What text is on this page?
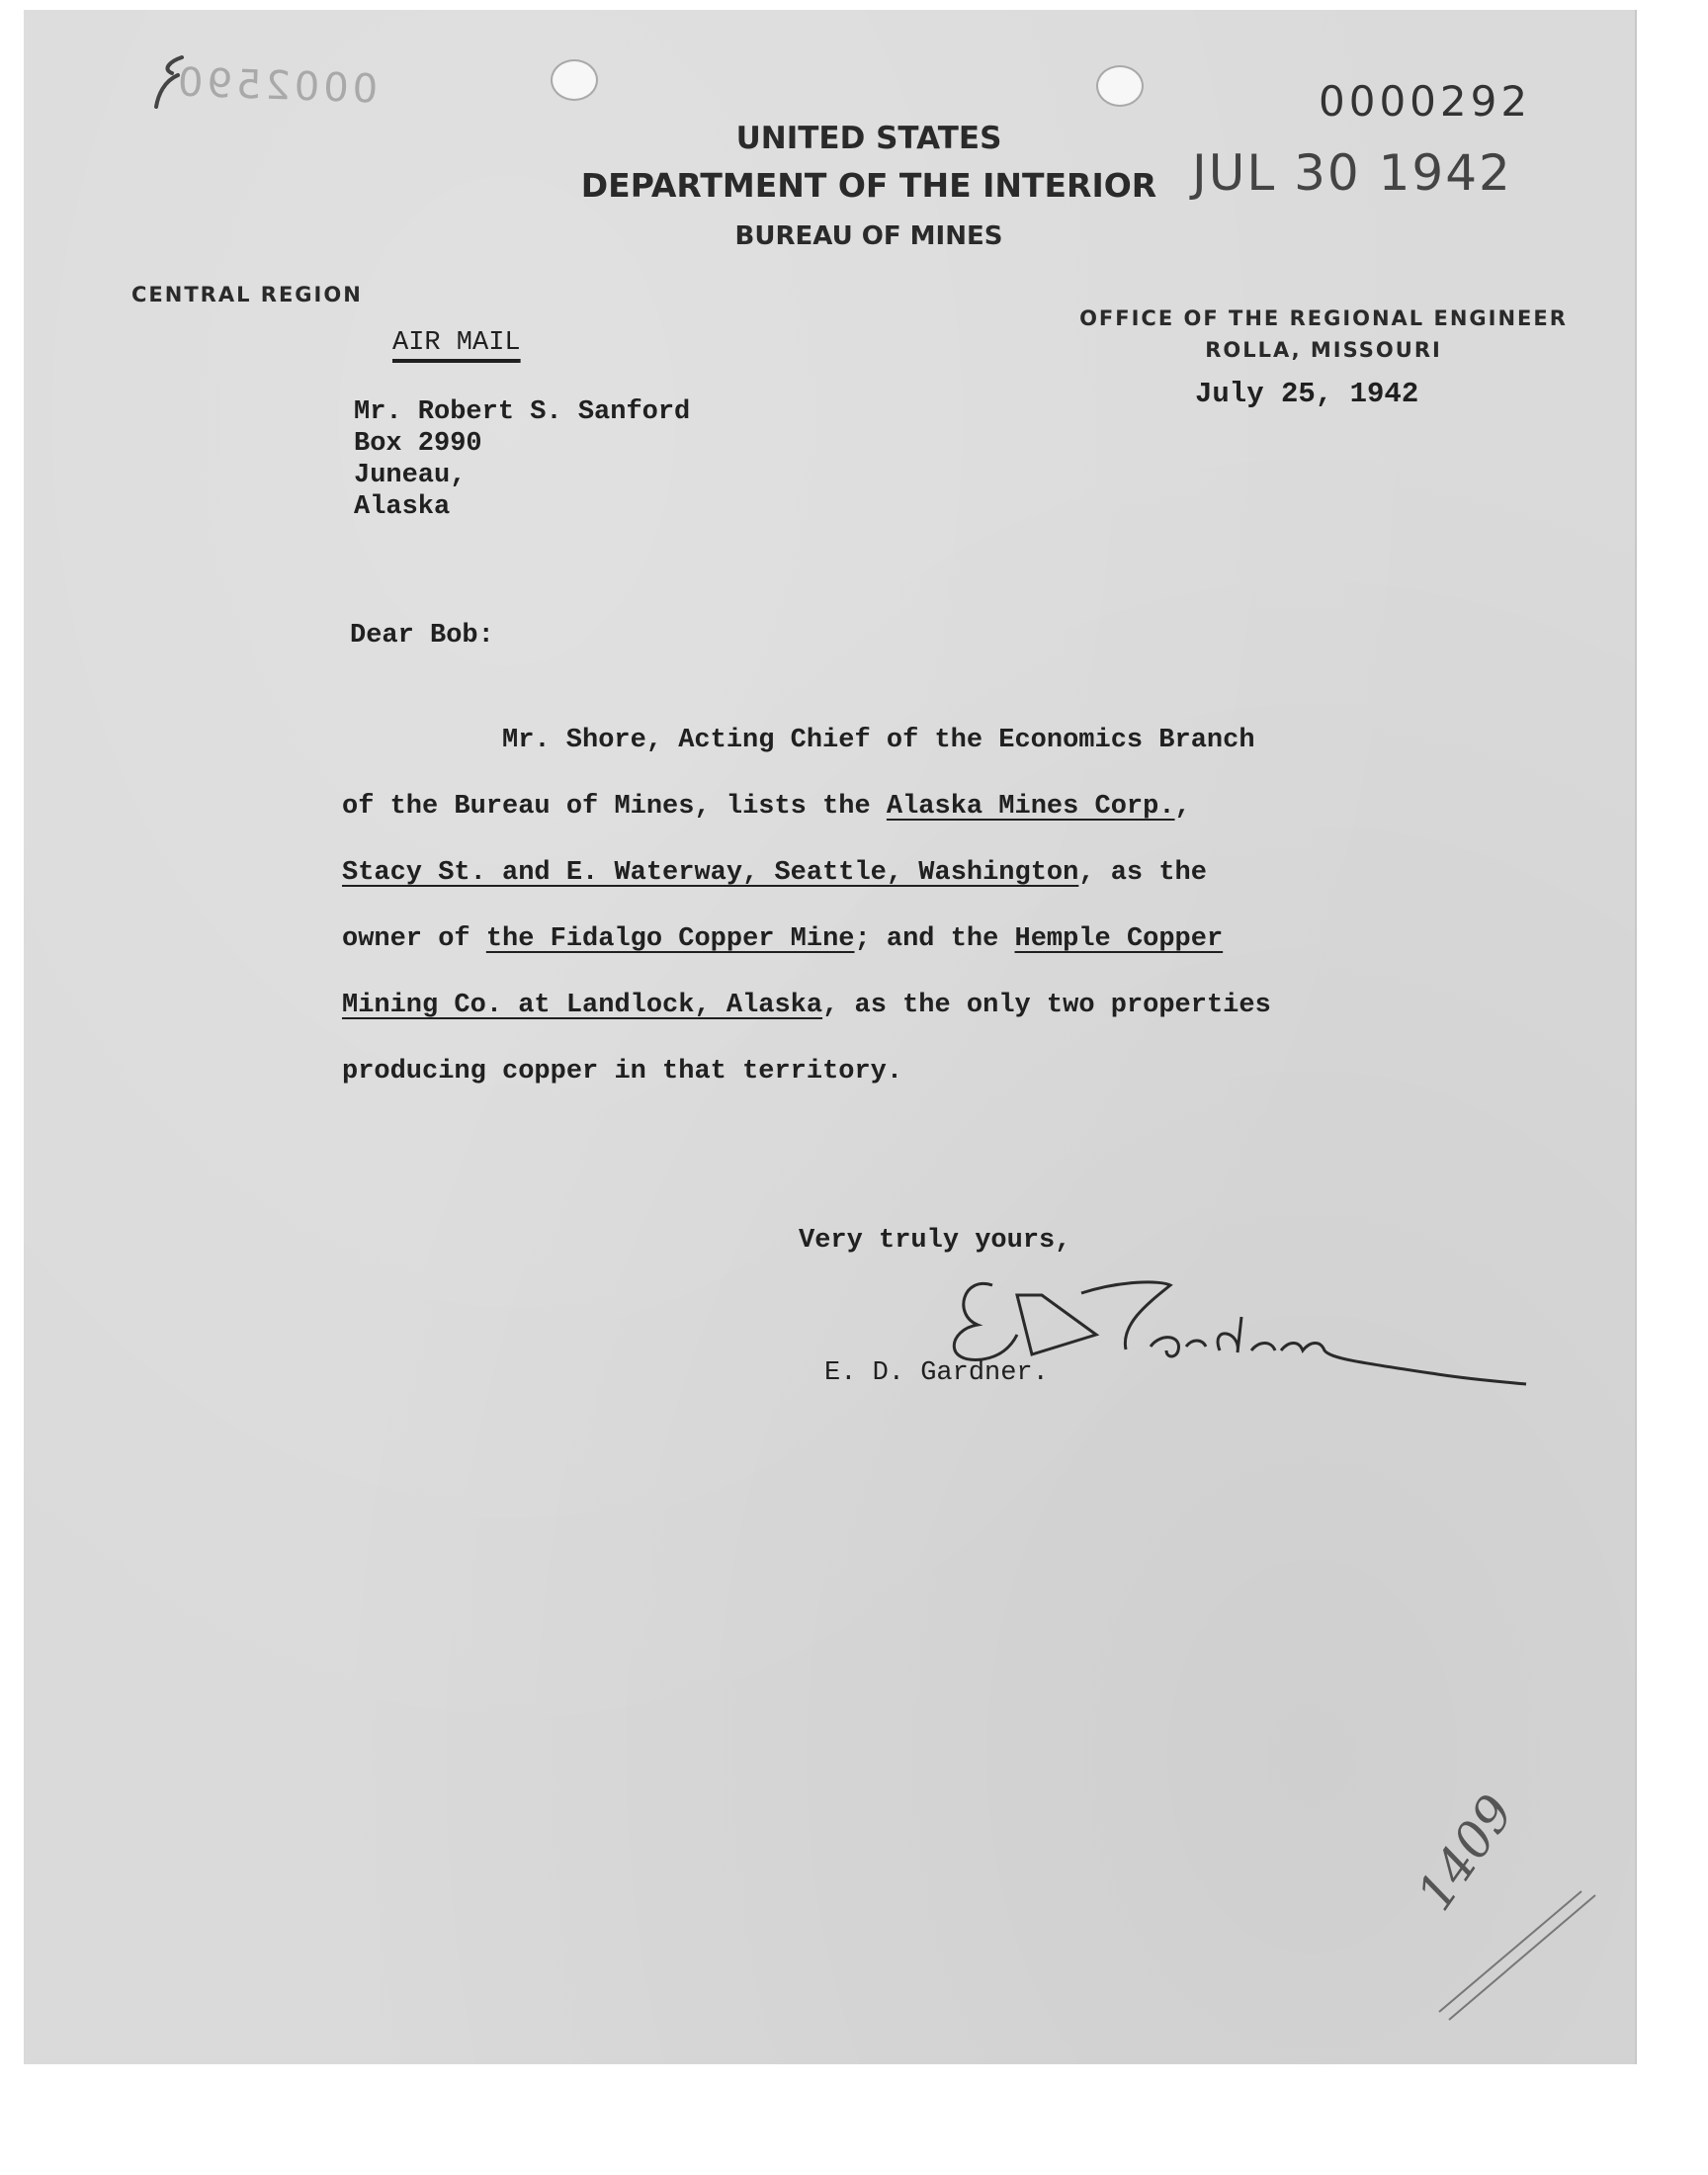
0002590	0000292
JUL 30 1942
UNITED STATES
DEPARTMENT OF THE INTERIOR
BUREAU OF MINES
CENTRAL REGION
OFFICE OF THE REGIONAL ENGINEER
ROLLA, MISSOURI
July 25, 1942
AIR MAIL
Mr. Robert S. Sanford
Box 2990
Juneau,
Alaska
Dear Bob:
Mr. Shore, Acting Chief of the Economics Branch
of the Bureau of Mines, lists the Alaska Mines Corp.,
Stacy St. and E. Waterway, Seattle, Washington, as the
owner of the Fidalgo Copper Mine; and the Hemple Copper
Mining Co. at Landlock, Alaska, as the only two properties
producing copper in that territory.
Very truly yours,
E. D. Gardner.
1409
